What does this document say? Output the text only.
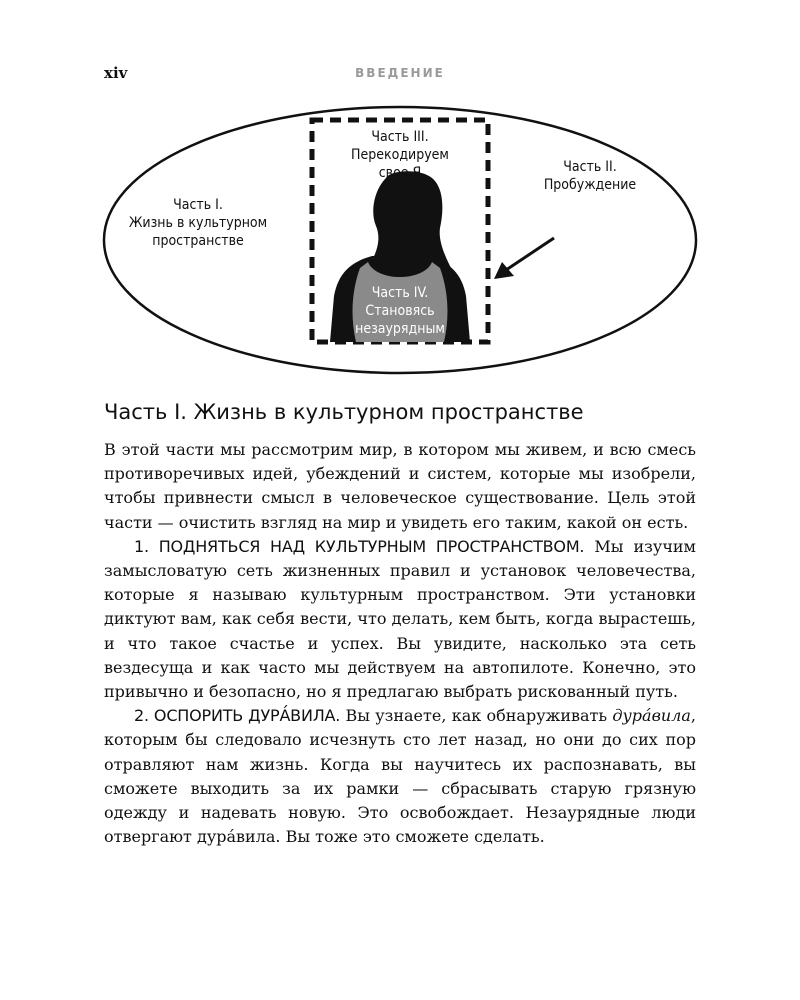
xiv	ВВЕДЕНИЕ
Часть I.
Жизнь в культурном
пространстве
Часть II.
Пробуждение
Часть III.
Перекодируем
свое Я
Часть IV.
Становясь
незаурядным
Часть I. Жизнь в культурном пространстве

В этой части мы рассмотрим мир, в котором мы живем, и всю смесь противоречивых идей, убеждений и систем, которые мы изобрели, чтобы привнести смысл в человеческое существование. Цель этой части — очистить взгляд на мир и увидеть его таким, какой он есть.

1. ПОДНЯТЬСЯ НАД КУЛЬТУРНЫМ ПРОСТРАНСТВОМ. Мы изучим замысловатую сеть жизненных правил и установок человечества, которые я называю культурным пространством. Эти установки диктуют вам, как себя вести, что делать, кем быть, когда вырастешь, и что такое счастье и успех. Вы увидите, насколько эта сеть вездесуща и как часто мы действуем на автопилоте. Конечно, это привычно и безопасно, но я предлагаю выбрать рискованный путь.

2. ОСПОРИТЬ ДУРА́ВИЛА. Вы узнаете, как обнаруживать дура́вила, которым бы следовало исчезнуть сто лет назад, но они до сих пор отравляют нам жизнь. Когда вы научитесь их распознавать, вы сможете выходить за их рамки — сбрасывать старую грязную одежду и надевать новую. Это освобождает. Незаурядные люди отвергают дура́вила. Вы тоже это сможете сделать.
